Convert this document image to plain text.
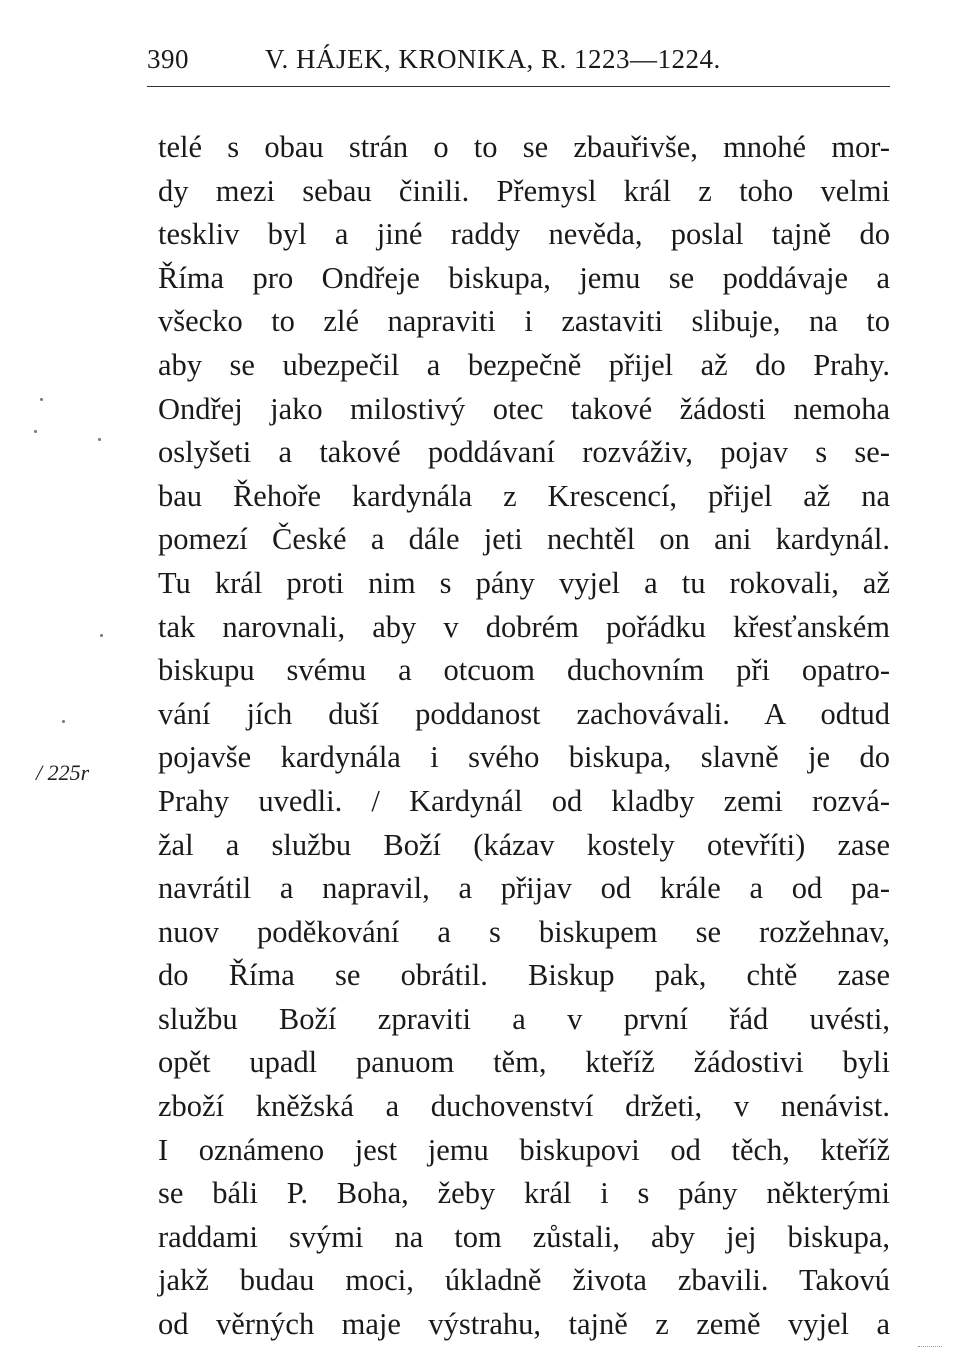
390	V. HÁJEK, KRONIKA, R. 1223—1224.
/ 225r
telé s obau strán o to se zbauřivše, mnohé mor-
dy mezi sebau činili. Přemysl král z toho velmi
teskliv byl a jiné raddy nevěda, poslal tajně do
Říma pro Ondřeje biskupa, jemu se poddávaje a
všecko to zlé napraviti i zastaviti slibuje, na to
aby se ubezpečil a bezpečně přijel až do Prahy.
Ondřej jako milostivý otec takové žádosti nemoha
oslyšeti a takové poddávaní rozváživ, pojav s se-
bau Řehoře kardynála z Krescencí, přijel až na
pomezí České a dále jeti nechtěl on ani kardynál.
Tu král proti nim s pány vyjel a tu rokovali, až
tak narovnali, aby v dobrém pořádku křesťanském
biskupu svému a otcuom duchovním při opatro-
vání jích duší poddanost zachovávali. A odtud
pojavše kardynála i svého biskupa, slavně je do
Prahy uvedli. / Kardynál od kladby zemi rozvá-
žal a službu Boží (kázav kostely otevříti) zase
navrátil a napravil, a přijav od krále a od pa-
nuov poděkování a s biskupem se rozžehnav,
do Říma se obrátil. Biskup pak, chtě zase
službu Boží zpraviti a v první řád uvésti,
opět upadl panuom těm, kteříž žádostivi byli
zboží kněžská a duchovenství držeti, v nenávist.
I oznámeno jest jemu biskupovi od těch, kteříž
se báli P. Boha, žeby král i s pány některými
raddami svými na tom zůstali, aby jej biskupa,
jakž budau moci, úkladně života zbavili. Takovú
od věrných maje výstrahu, tajně z země vyjel a
